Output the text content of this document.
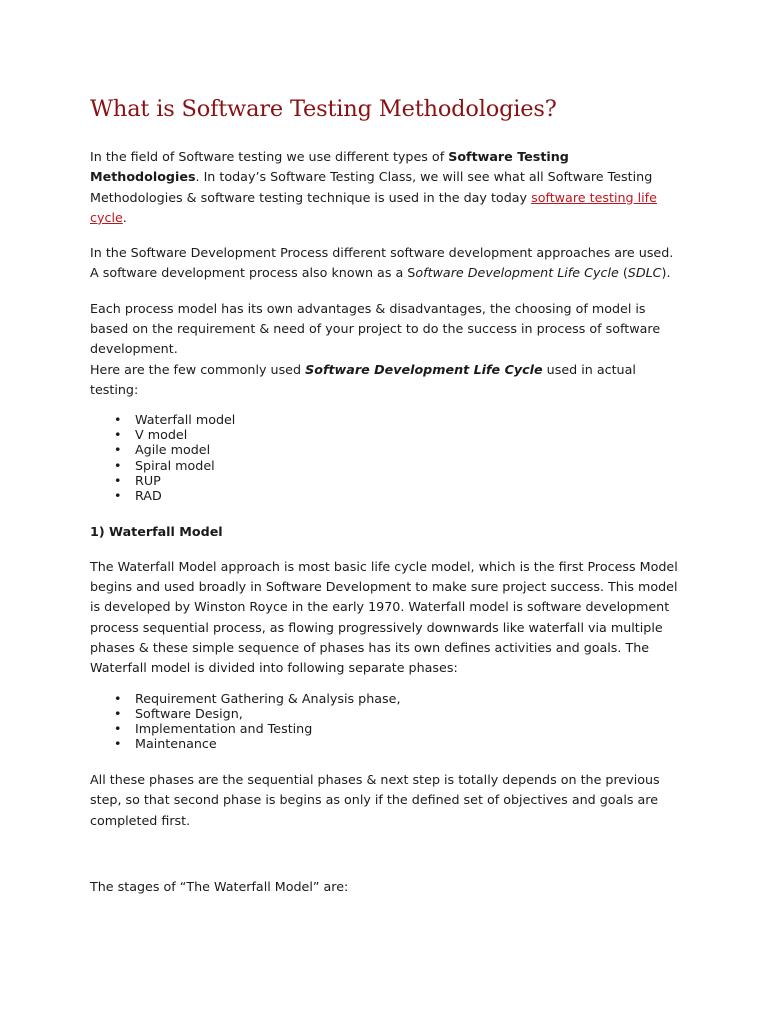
What is Software Testing Methodologies?

In the field of Software testing we use different types of Software Testing Methodologies. In today’s Software Testing Class, we will see what all Software Testing Methodologies & software testing technique is used in the day today software testing life cycle.

In the Software Development Process different software development approaches are used. A software development process also known as a Software Development Life Cycle (SDLC).

Each process model has its own advantages & disadvantages, the choosing of model is based on the requirement & need of your project to do the success in process of software development.

Here are the few commonly used Software Development Life Cycle used in actual testing:

• Waterfall model
• V model
• Agile model
• Spiral model
• RUP
• RAD
1) Waterfall Model

The Waterfall Model approach is most basic life cycle model, which is the first Process Model begins and used broadly in Software Development to make sure project success. This model is developed by Winston Royce in the early 1970. Waterfall model is software development process sequential process, as flowing progressively downwards like waterfall via multiple phases & these simple sequence of phases has its own defines activities and goals. The Waterfall model is divided into following separate phases:

• Requirement Gathering & Analysis phase,
• Software Design,
• Implementation and Testing
• Maintenance

All these phases are the sequential phases & next step is totally depends on the previous step, so that second phase is begins as only if the defined set of objectives and goals are completed first.

The stages of “The Waterfall Model” are:
